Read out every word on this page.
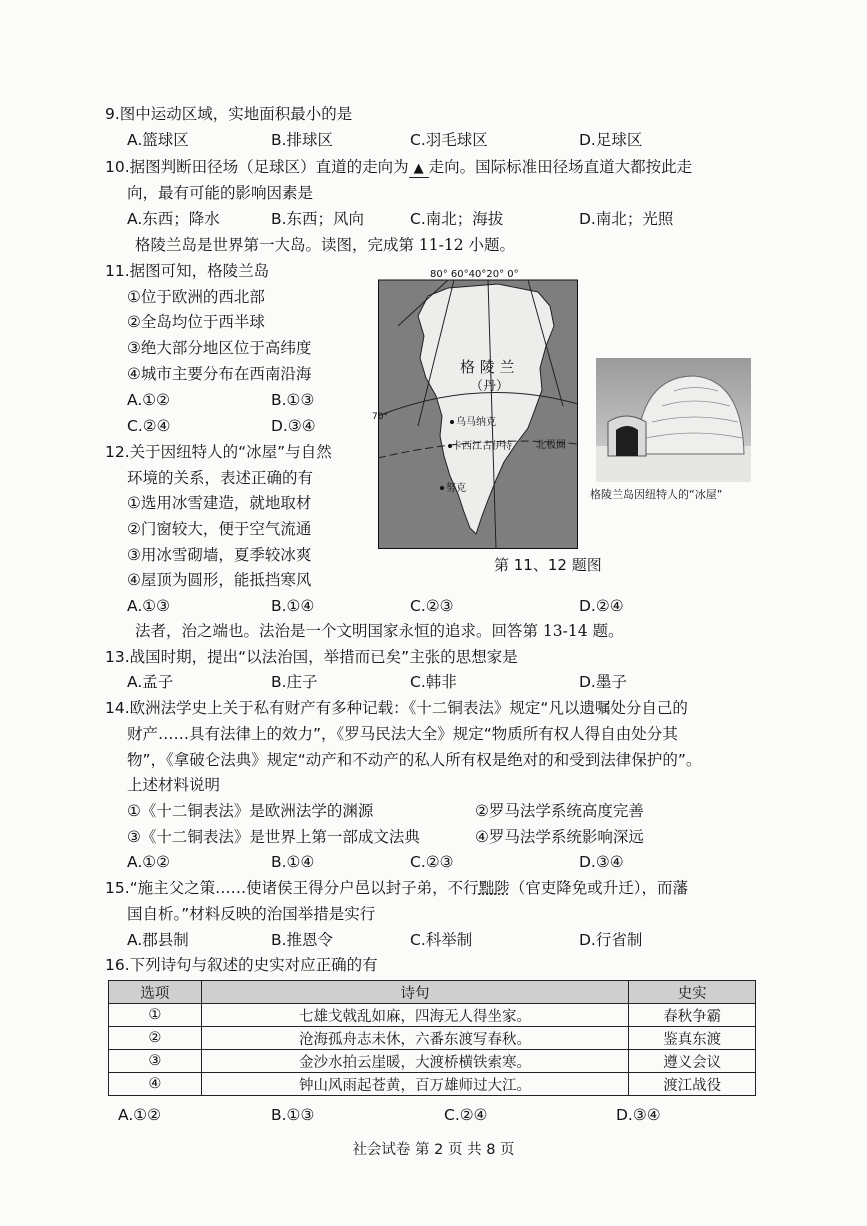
9.图中运动区域，实地面积最小的是
A.篮球区	B.排球区	C.羽毛球区	D.足球区
10.据图判断田径场（足球区）直道的走向为 ▲ 走向。国际标准田径场直道大都按此走
向，最有可能的影响因素是
A.东西；降水	B.东西；风向	C.南北；海拔	D.南北；光照
格陵兰岛是世界第一大岛。读图，完成第 11-12 小题。
11.据图可知，格陵兰岛
①位于欧洲的西北部
②全岛均位于西半球
③绝大部分地区位于高纬度
④城市主要分布在西南沿海
A.①②	B.①③
C.②④	D.③④
12.关于因纽特人的“冰屋”与自然
环境的关系，表述正确的有
①选用冰雪建造，就地取材
②门窗较大，便于空气流通
③用冰雪砌墙，夏季较冰爽
④屋顶为圆形，能抵挡寒风
A.①③	B.①④	C.②③	D.②④
80° 60°40°20° 0°
70°
格 陵 兰
（丹）
乌马纳克
卡西江古伊特
努克
北极圈
格陵兰岛因纽特人的“冰屋”
第 11、12 题图
法者，治之端也。法治是一个文明国家永恒的追求。回答第 13-14 题。
13.战国时期，提出“以法治国，举措而已矣”主张的思想家是
A.孟子	B.庄子	C.韩非	D.墨子
14.欧洲法学史上关于私有财产有多种记载：《十二铜表法》规定“凡以遗嘱处分自己的
财产……具有法律上的效力”，《罗马民法大全》规定“物质所有权人得自由处分其
物”，《拿破仑法典》规定“动产和不动产的私人所有权是绝对的和受到法律保护的”。
上述材料说明
①《十二铜表法》是欧洲法学的渊源	②罗马法学系统高度完善
③《十二铜表法》是世界上第一部成文法典	④罗马法学系统影响深远
A.①②	B.①④	C.②③	D.③④
15.“施主父之策……使诸侯王得分户邑以封子弟，不行黜陟（官吏降免或升迁），而藩
国自析。”材料反映的治国举措是实行
A.郡县制	B.推恩令	C.科举制	D.行省制
16.下列诗句与叙述的史实对应正确的有
选项	诗句	史实
①	七雄戈戟乱如麻，四海无人得坐家。	春秋争霸
②	沧海孤舟志未休，六番东渡写春秋。	鉴真东渡
③	金沙水拍云崖暖，大渡桥横铁索寒。	遵义会议
④	钟山风雨起苍黄，百万雄师过大江。	渡江战役
A.①②	B.①③	C.②④	D.③④
社会试卷 第 2 页 共 8 页
